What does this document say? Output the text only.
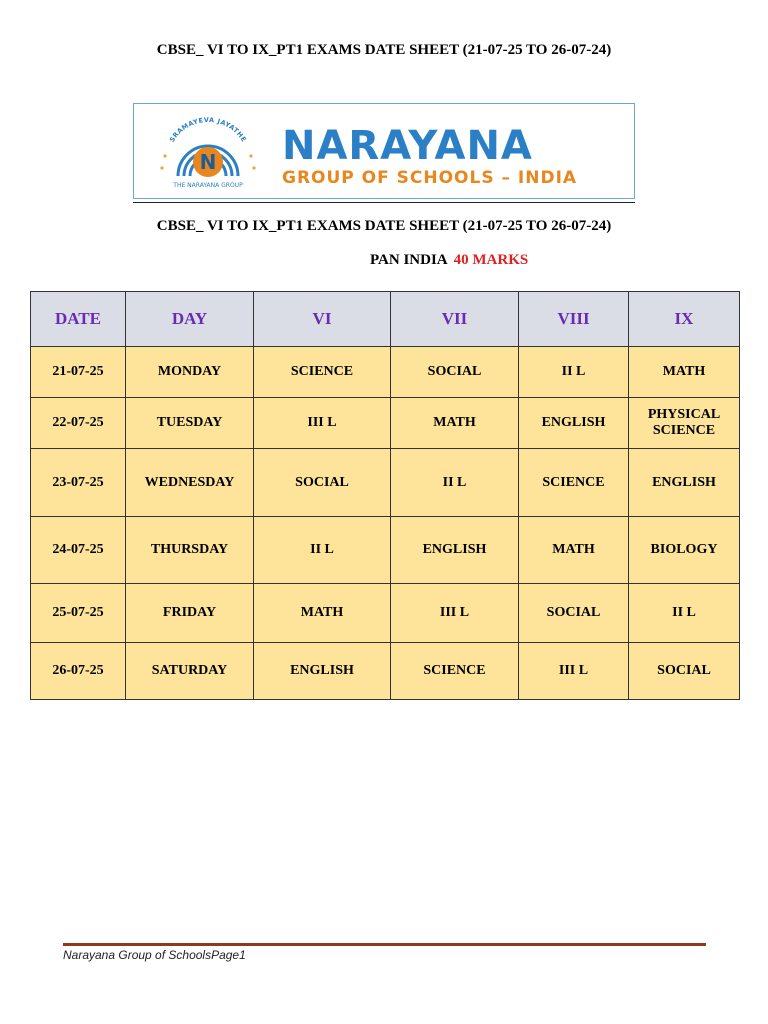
CBSE_ VI TO IX_PT1 EXAMS DATE SHEET (21-07-25 TO 26-07-24)
SRAMAYEVA JAYATHE
N
THE NARAYANA GROUP
NARAYANA
GROUP OF SCHOOLS – INDIA
CBSE_ VI TO IX_PT1 EXAMS DATE SHEET (21-07-25 TO 26-07-24)
PAN INDIA 40 MARKS
DATE	DAY	VI	VII	VIII	IX
21-07-25	MONDAY	SCIENCE	SOCIAL	II L	MATH
22-07-25	TUESDAY	III L	MATH	ENGLISH	PHYSICAL SCIENCE
23-07-25	WEDNESDAY	SOCIAL	II L	SCIENCE	ENGLISH
24-07-25	THURSDAY	II L	ENGLISH	MATH	BIOLOGY
25-07-25	FRIDAY	MATH	III L	SOCIAL	II L
26-07-25	SATURDAY	ENGLISH	SCIENCE	III L	SOCIAL
Narayana Group of SchoolsPage1
